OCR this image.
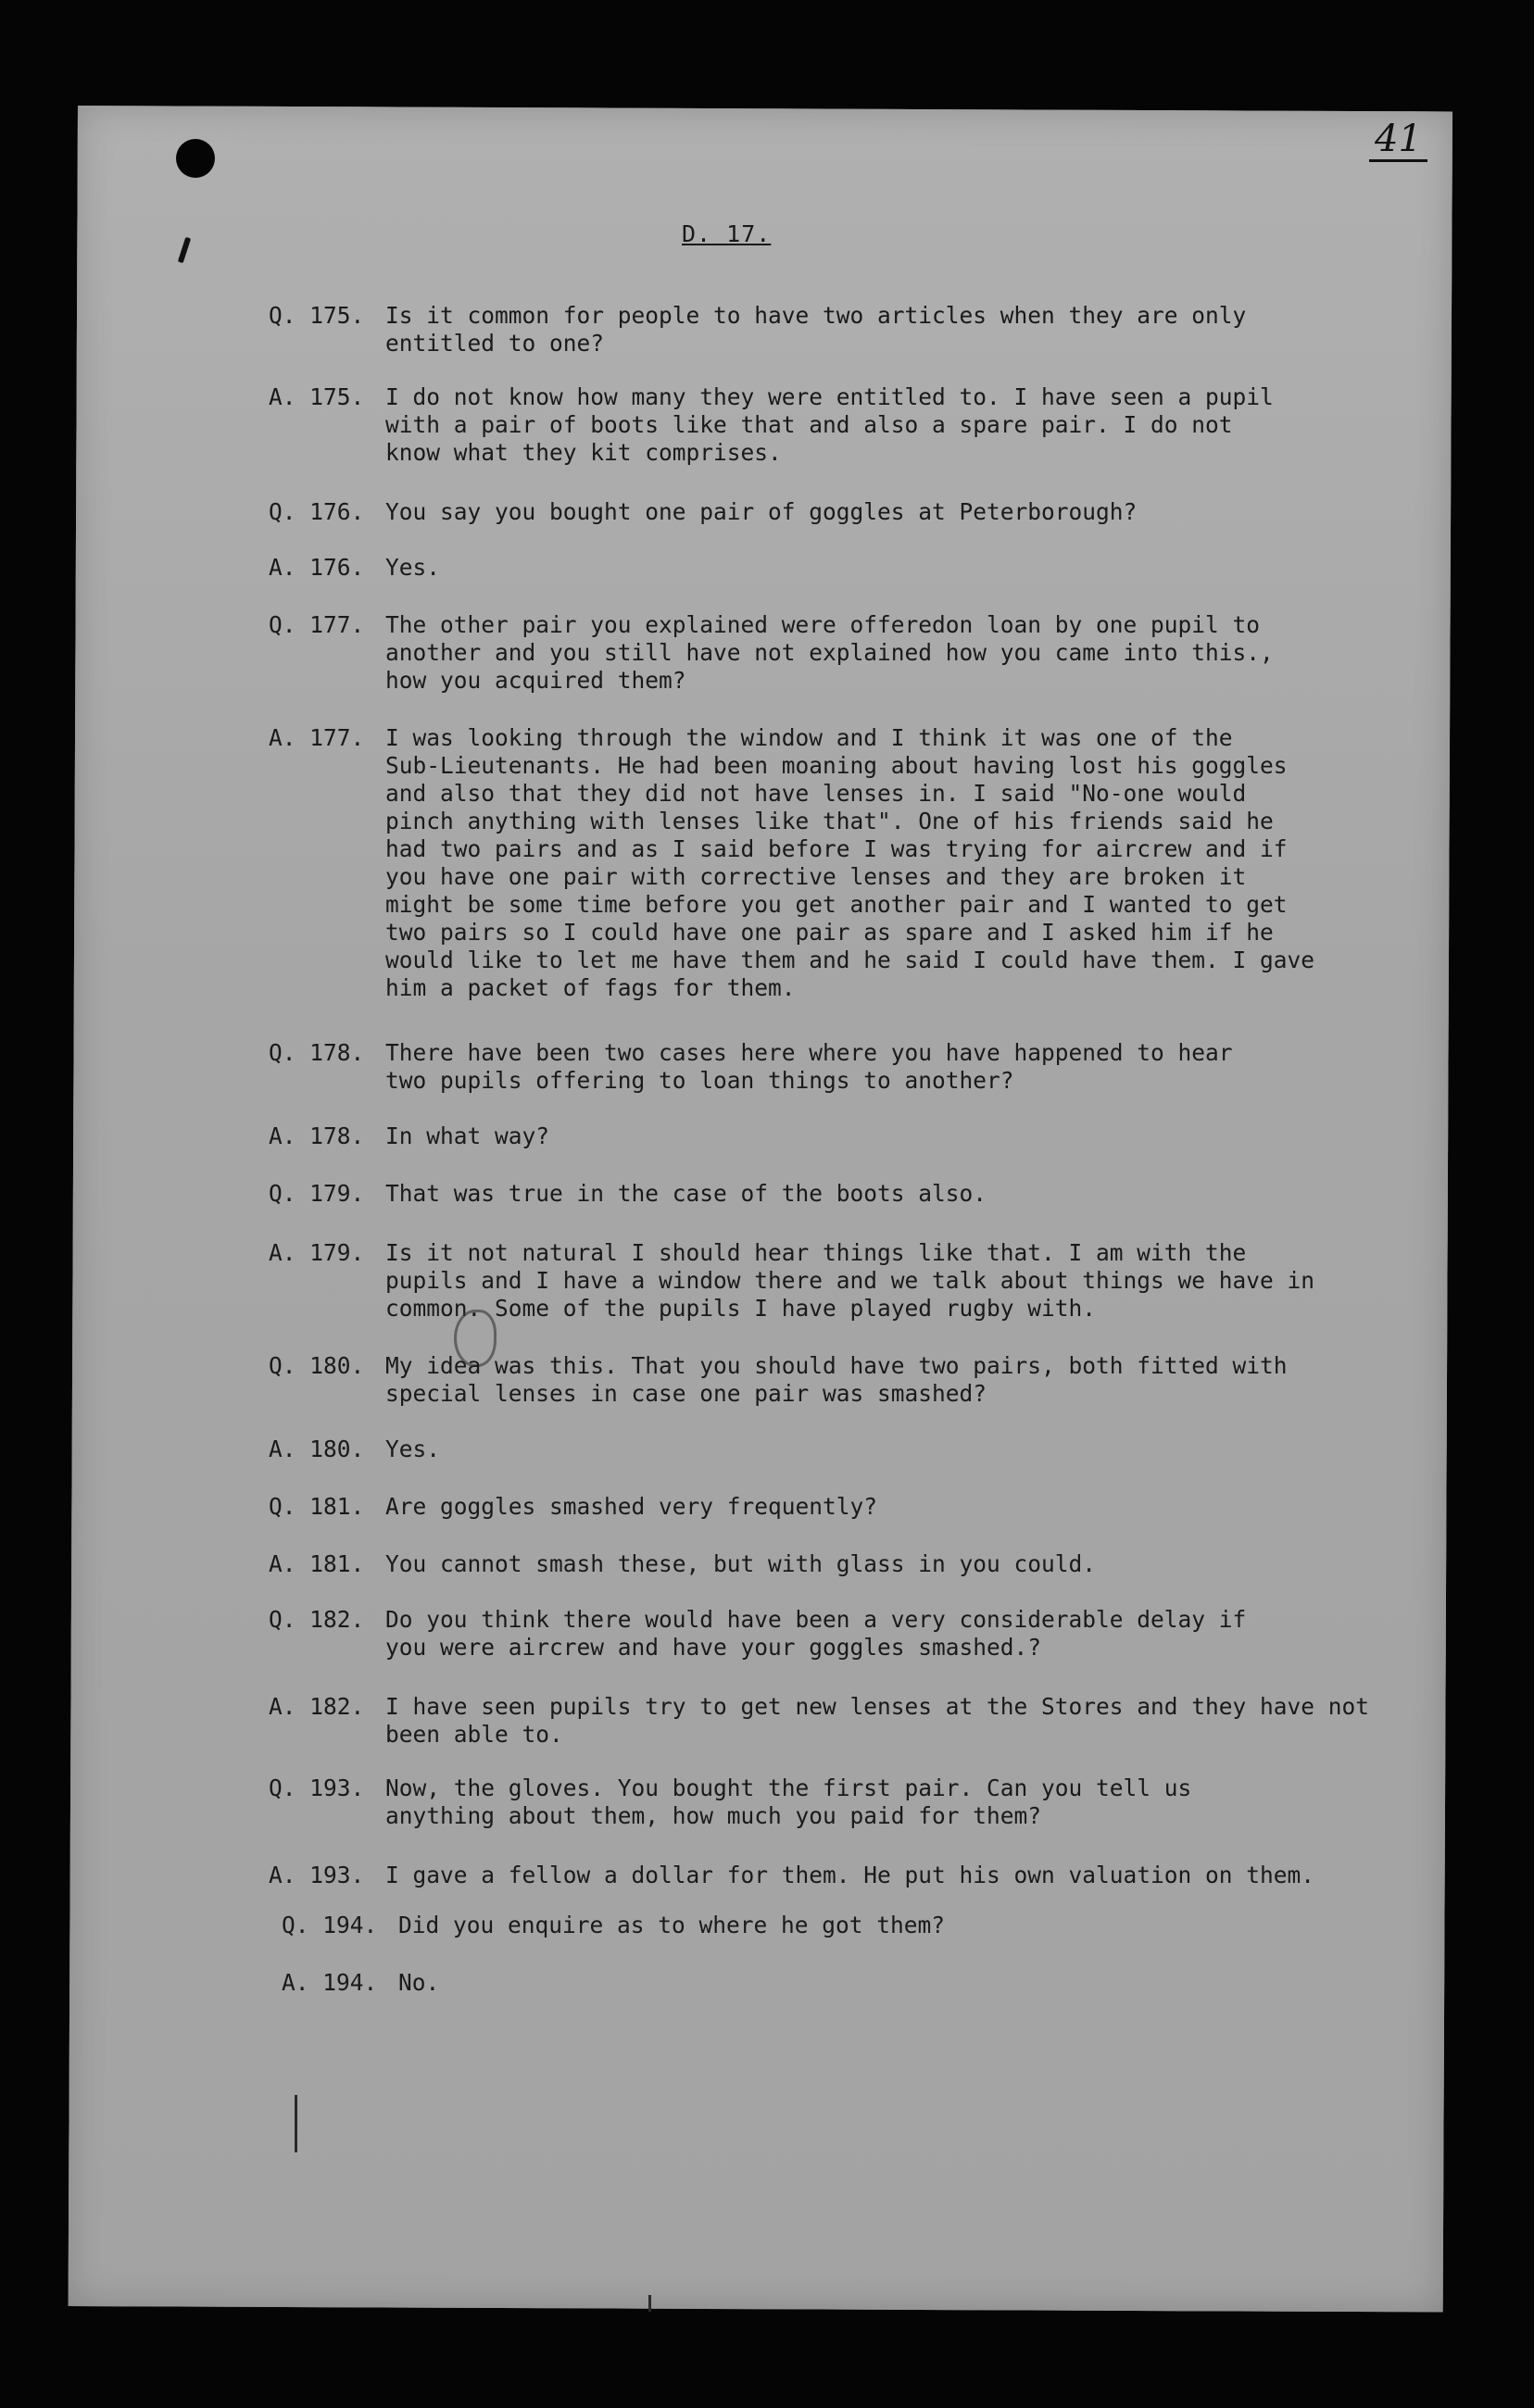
41
D. 17.
Q. 175. Is it common for people to have two articles when they are only
entitled to one?
A. 175. I do not know how many they were entitled to. I have seen a pupil
with a pair of boots like that and also a spare pair. I do not
know what they kit comprises.
Q. 176. You say you bought one pair of goggles at Peterborough?
A. 176. Yes.
Q. 177. The other pair you explained were offeredon loan by one pupil to
another and you still have not explained how you came into this.,
how you acquired them?
A. 177. I was looking through the window and I think it was one of the
Sub-Lieutenants. He had been moaning about having lost his goggles
and also that they did not have lenses in. I said "No-one would
pinch anything with lenses like that". One of his friends said he
had two pairs and as I said before I was trying for aircrew and if
you have one pair with corrective lenses and they are broken it
might be some time before you get another pair and I wanted to get
two pairs so I could have one pair as spare and I asked him if he
would like to let me have them and he said I could have them. I gave
him a packet of fags for them.
Q. 178. There have been two cases here where you have happened to hear
two pupils offering to loan things to another?
A. 178. In what way?
Q. 179. That was true in the case of the boots also.
A. 179. Is it not natural I should hear things like that. I am with the
pupils and I have a window there and we talk about things we have in
common. Some of the pupils I have played rugby with.
Q. 180. My idea was this. That you should have two pairs, both fitted with
special lenses in case one pair was smashed?
A. 180. Yes.
Q. 181. Are goggles smashed very frequently?
A. 181. You cannot smash these, but with glass in you could.
Q. 182. Do you think there would have been a very considerable delay if
you were aircrew and have your goggles smashed.?
A. 182. I have seen pupils try to get new lenses at the Stores and they have not
been able to.
Q. 193. Now, the gloves. You bought the first pair. Can you tell us
anything about them, how much you paid for them?
A. 193. I gave a fellow a dollar for them. He put his own valuation on them.
Q. 194. Did you enquire as to where he got them?
A. 194. No.
